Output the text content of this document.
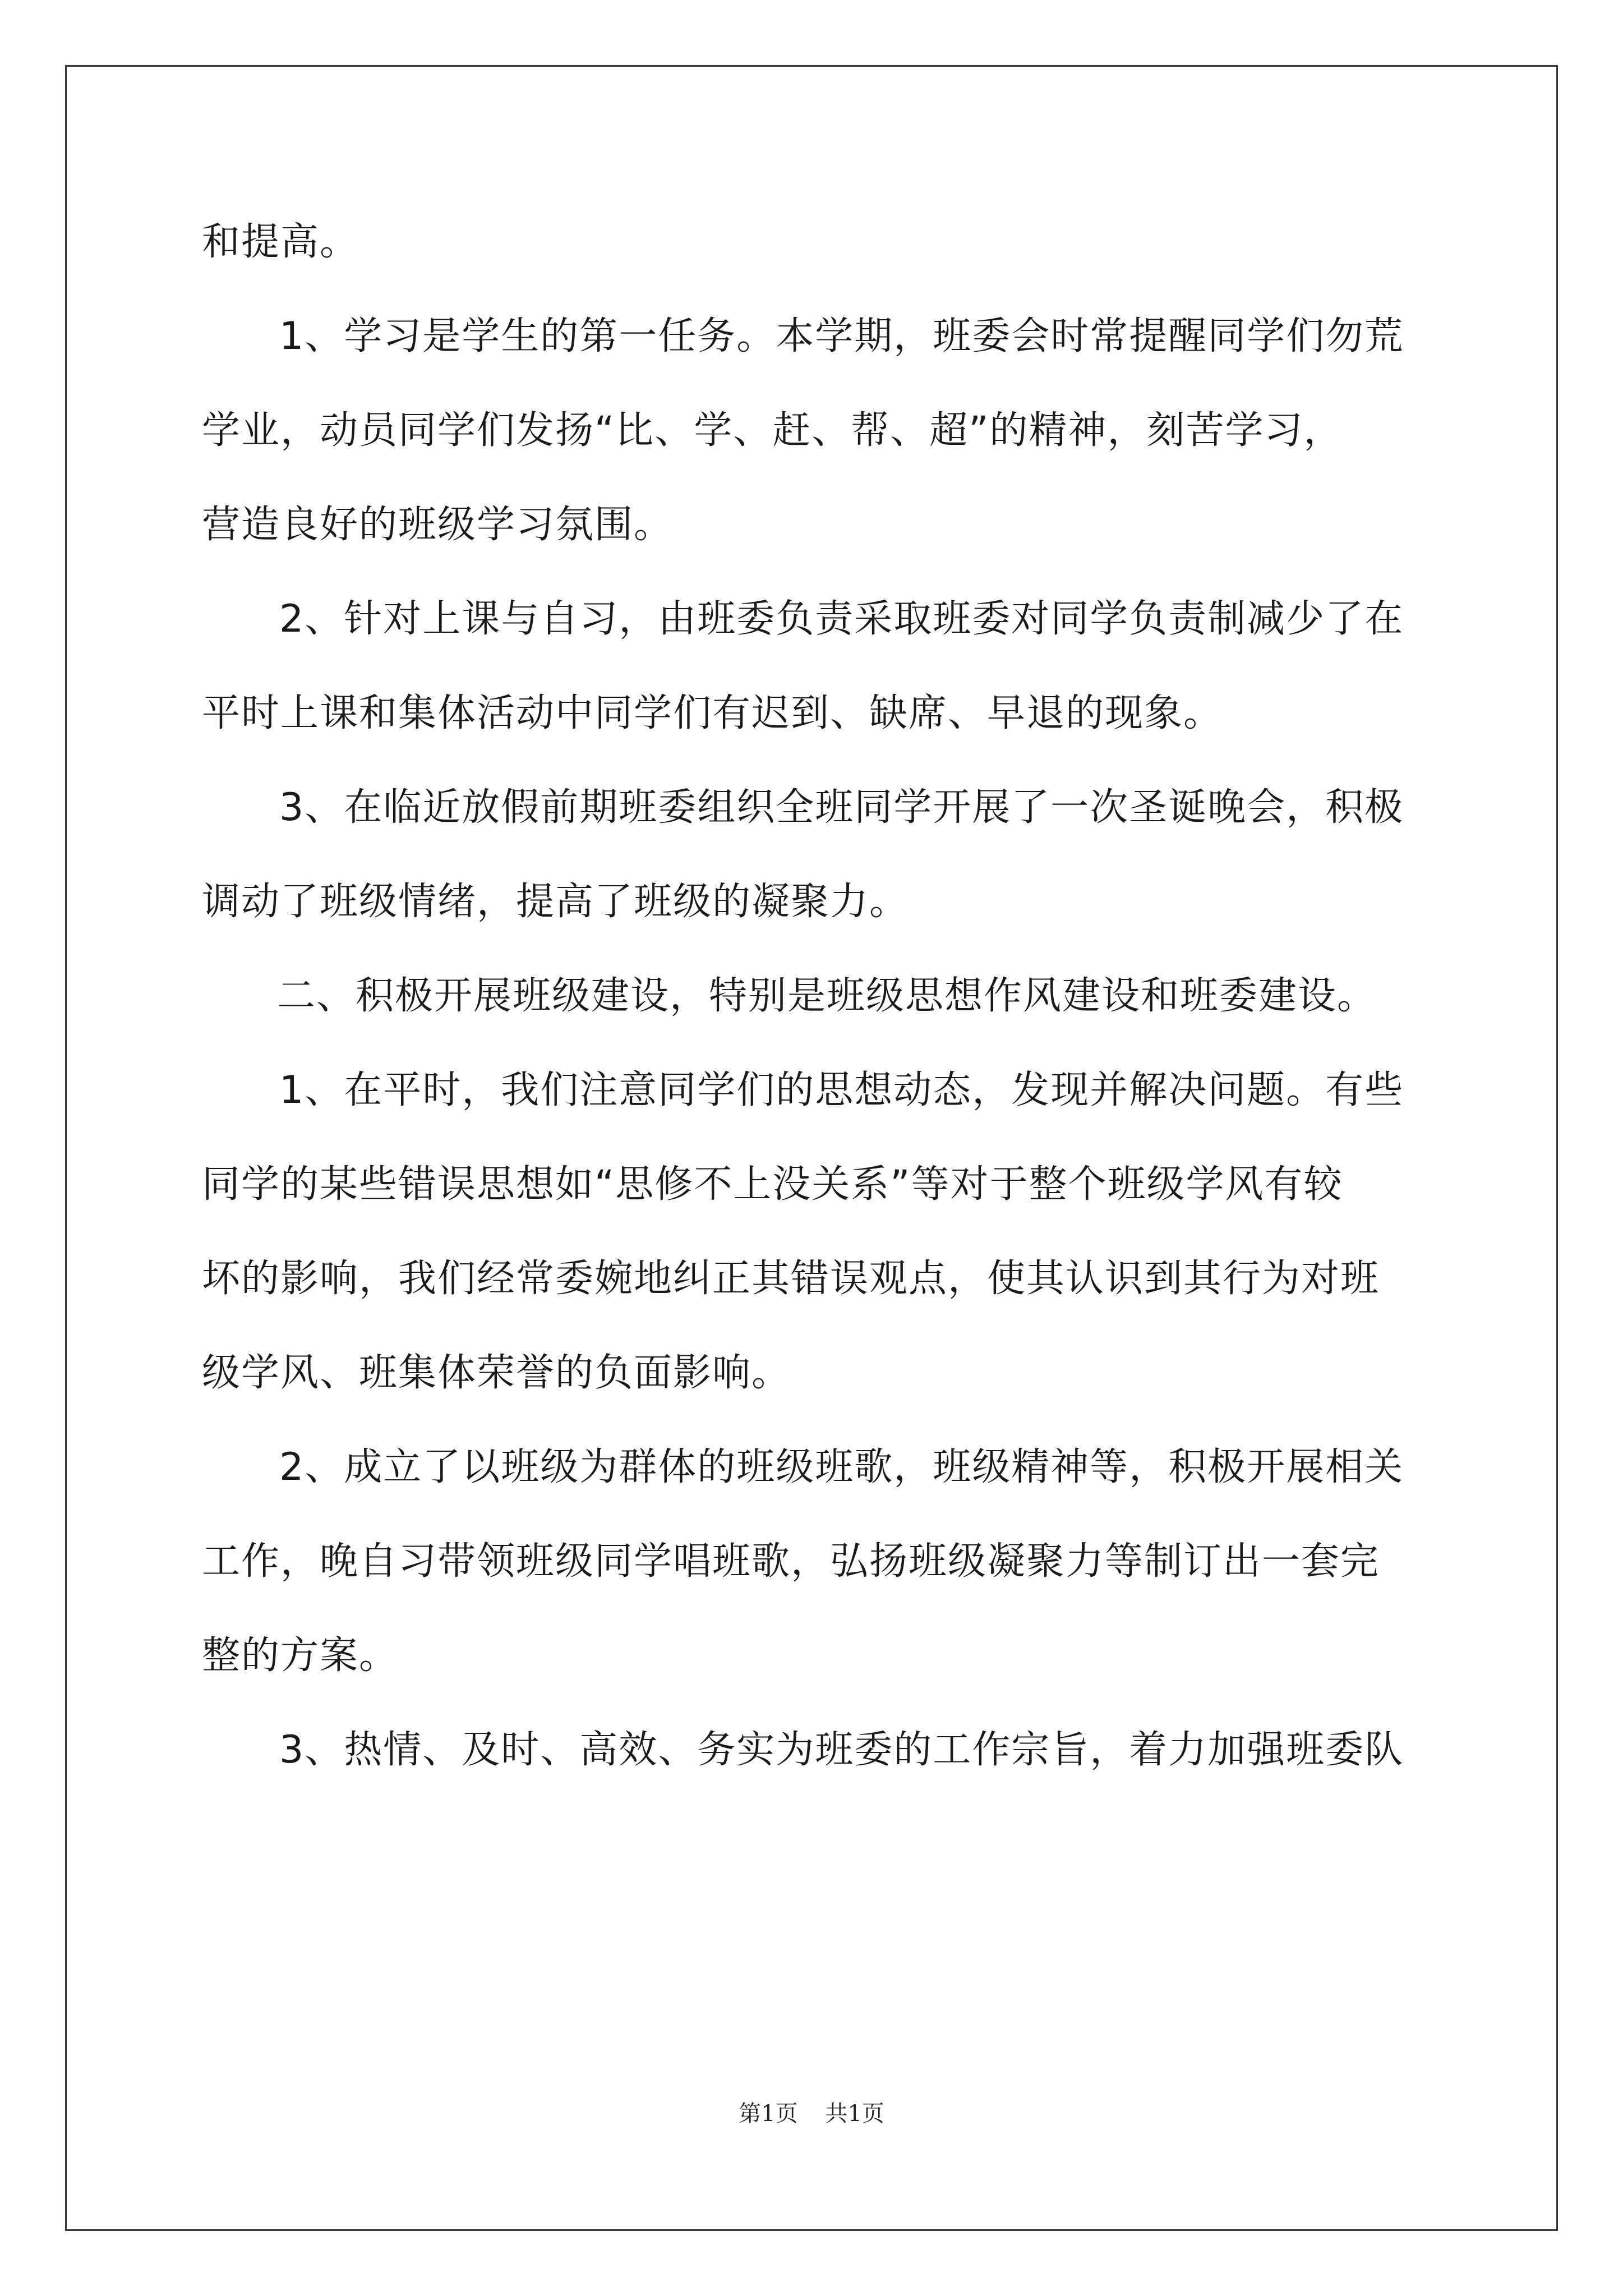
和提高。
1、学习是学生的第一任务。本学期，班委会时常提醒同学们勿荒
学业，动员同学们发扬“比、学、赶、帮、超”的精神，刻苦学习，
营造良好的班级学习氛围。
2、针对上课与自习，由班委负责采取班委对同学负责制减少了在
平时上课和集体活动中同学们有迟到、缺席、早退的现象。
3、在临近放假前期班委组织全班同学开展了一次圣诞晚会，积极
调动了班级情绪，提高了班级的凝聚力。
二、积极开展班级建设，特别是班级思想作风建设和班委建设。
1、在平时，我们注意同学们的思想动态，发现并解决问题。有些
同学的某些错误思想如“思修不上没关系”等对于整个班级学风有较
坏的影响，我们经常委婉地纠正其错误观点，使其认识到其行为对班
级学风、班集体荣誉的负面影响。
2、成立了以班级为群体的班级班歌，班级精神等，积极开展相关
工作，晚自习带领班级同学唱班歌，弘扬班级凝聚力等制订出一套完
整的方案。
3、热情、及时、高效、务实为班委的工作宗旨，着力加强班委队
第1页 共1页
